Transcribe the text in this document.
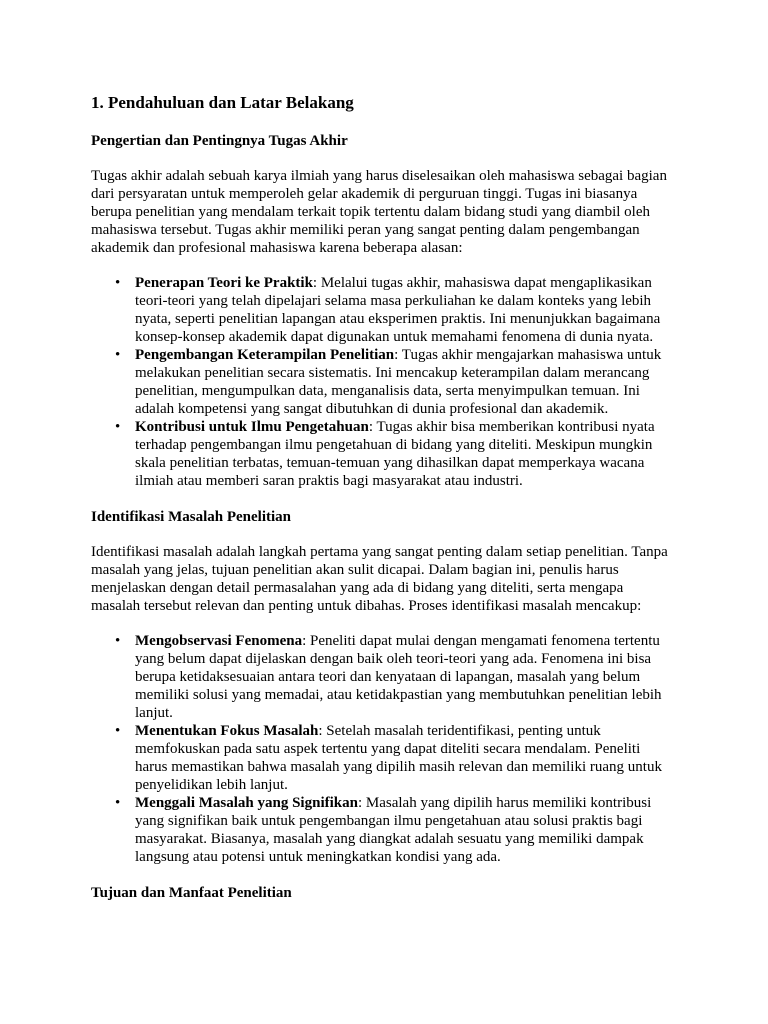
1. Pendahuluan dan Latar Belakang
Pengertian dan Pentingnya Tugas Akhir

Tugas akhir adalah sebuah karya ilmiah yang harus diselesaikan oleh mahasiswa sebagai bagian dari persyaratan untuk memperoleh gelar akademik di perguruan tinggi. Tugas ini biasanya berupa penelitian yang mendalam terkait topik tertentu dalam bidang studi yang diambil oleh mahasiswa tersebut. Tugas akhir memiliki peran yang sangat penting dalam pengembangan akademik dan profesional mahasiswa karena beberapa alasan:

• Penerapan Teori ke Praktik: Melalui tugas akhir, mahasiswa dapat mengaplikasikan teori-teori yang telah dipelajari selama masa perkuliahan ke dalam konteks yang lebih nyata, seperti penelitian lapangan atau eksperimen praktis. Ini menunjukkan bagaimana konsep-konsep akademik dapat digunakan untuk memahami fenomena di dunia nyata.
• Pengembangan Keterampilan Penelitian: Tugas akhir mengajarkan mahasiswa untuk melakukan penelitian secara sistematis. Ini mencakup keterampilan dalam merancang penelitian, mengumpulkan data, menganalisis data, serta menyimpulkan temuan. Ini adalah kompetensi yang sangat dibutuhkan di dunia profesional dan akademik.
• Kontribusi untuk Ilmu Pengetahuan: Tugas akhir bisa memberikan kontribusi nyata terhadap pengembangan ilmu pengetahuan di bidang yang diteliti. Meskipun mungkin skala penelitian terbatas, temuan-temuan yang dihasilkan dapat memperkaya wacana ilmiah atau memberi saran praktis bagi masyarakat atau industri.
Identifikasi Masalah Penelitian

Identifikasi masalah adalah langkah pertama yang sangat penting dalam setiap penelitian. Tanpa masalah yang jelas, tujuan penelitian akan sulit dicapai. Dalam bagian ini, penulis harus menjelaskan dengan detail permasalahan yang ada di bidang yang diteliti, serta mengapa masalah tersebut relevan dan penting untuk dibahas. Proses identifikasi masalah mencakup:

• Mengobservasi Fenomena: Peneliti dapat mulai dengan mengamati fenomena tertentu yang belum dapat dijelaskan dengan baik oleh teori-teori yang ada. Fenomena ini bisa berupa ketidaksesuaian antara teori dan kenyataan di lapangan, masalah yang belum memiliki solusi yang memadai, atau ketidakpastian yang membutuhkan penelitian lebih lanjut.
• Menentukan Fokus Masalah: Setelah masalah teridentifikasi, penting untuk memfokuskan pada satu aspek tertentu yang dapat diteliti secara mendalam. Peneliti harus memastikan bahwa masalah yang dipilih masih relevan dan memiliki ruang untuk penyelidikan lebih lanjut.
• Menggali Masalah yang Signifikan: Masalah yang dipilih harus memiliki kontribusi yang signifikan baik untuk pengembangan ilmu pengetahuan atau solusi praktis bagi masyarakat. Biasanya, masalah yang diangkat adalah sesuatu yang memiliki dampak langsung atau potensi untuk meningkatkan kondisi yang ada.
Tujuan dan Manfaat Penelitian
